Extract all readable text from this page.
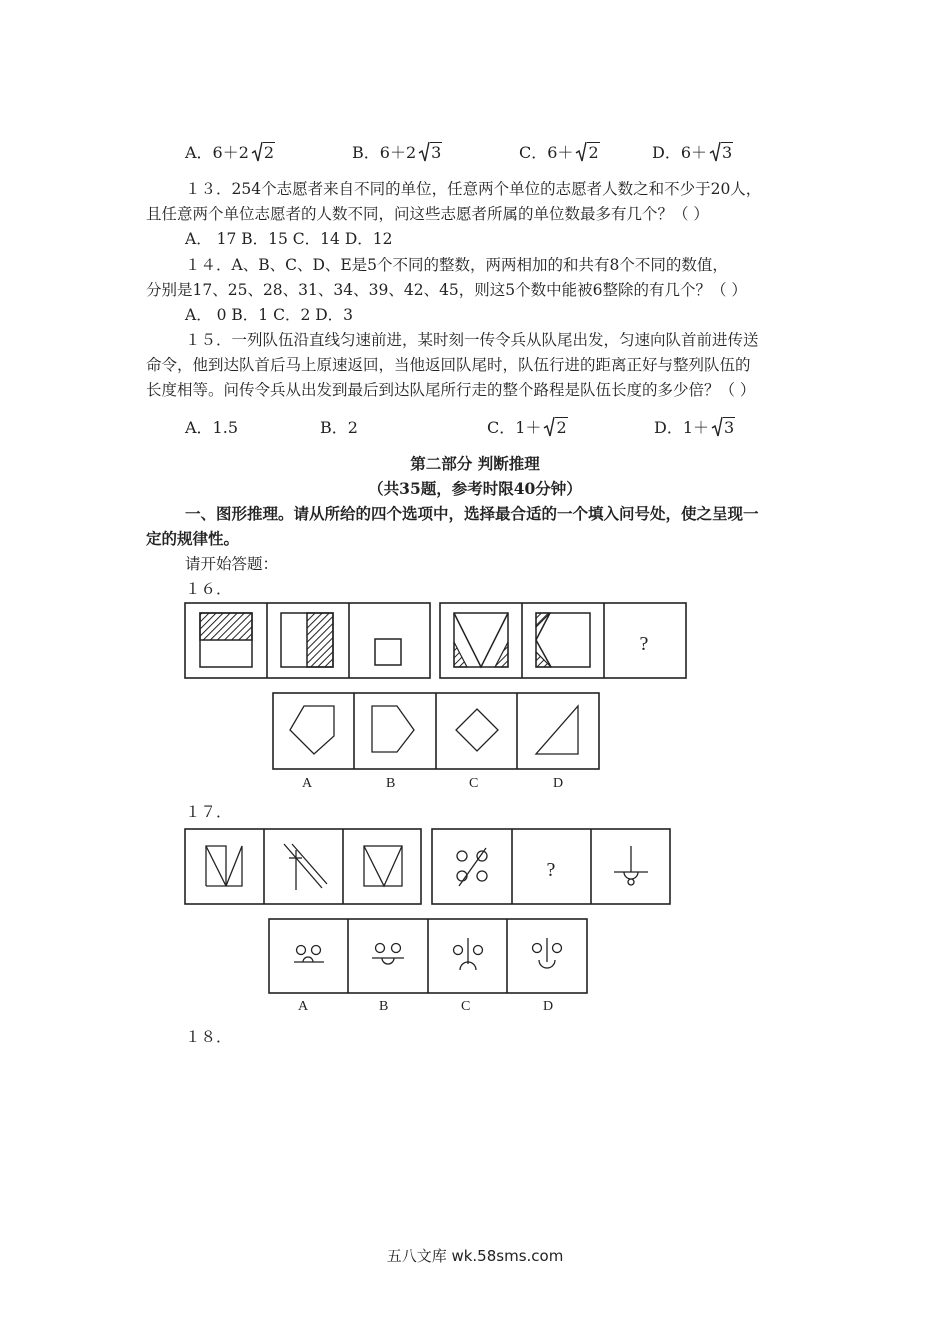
A．6＋2 2	B．6＋2 3	C．6＋ 2	D．6＋ 3
１３．254个志愿者来自不同的单位，任意两个单位的志愿者人数之和不少于20人，
且任意两个单位志愿者的人数不同，问这些志愿者所属的单位数最多有几个？（ ）
A． 17 B．15 C．14 D．12
１４．A、B、C、D、E是5个不同的整数，两两相加的和共有8个不同的数值，
分别是17、25、28、31、34、39、42、45，则这5个数中能被6整除的有几个？（ ）
A． 0 B．1 C．2 D．3
１５．一列队伍沿直线匀速前进，某时刻一传令兵从队尾出发，匀速向队首前进传送
命令，他到达队首后马上原速返回，当他返回队尾时，队伍行进的距离正好与整列队伍的
长度相等。问传令兵从出发到最后到达队尾所行走的整个路程是队伍长度的多少倍？（ ）
A．1.5	B．2	C．1＋ 2	D．1＋ 3
第二部分 判断推理
（共35题，参考时限40分钟）
一、图形推理。请从所给的四个选项中，选择最合适的一个填入问号处，使之呈现一
定的规律性。
请开始答题：
１６．
?
A	B	C	D
１７．
?
A	B	C	D
１８．
五八文库 wk.58sms.com
